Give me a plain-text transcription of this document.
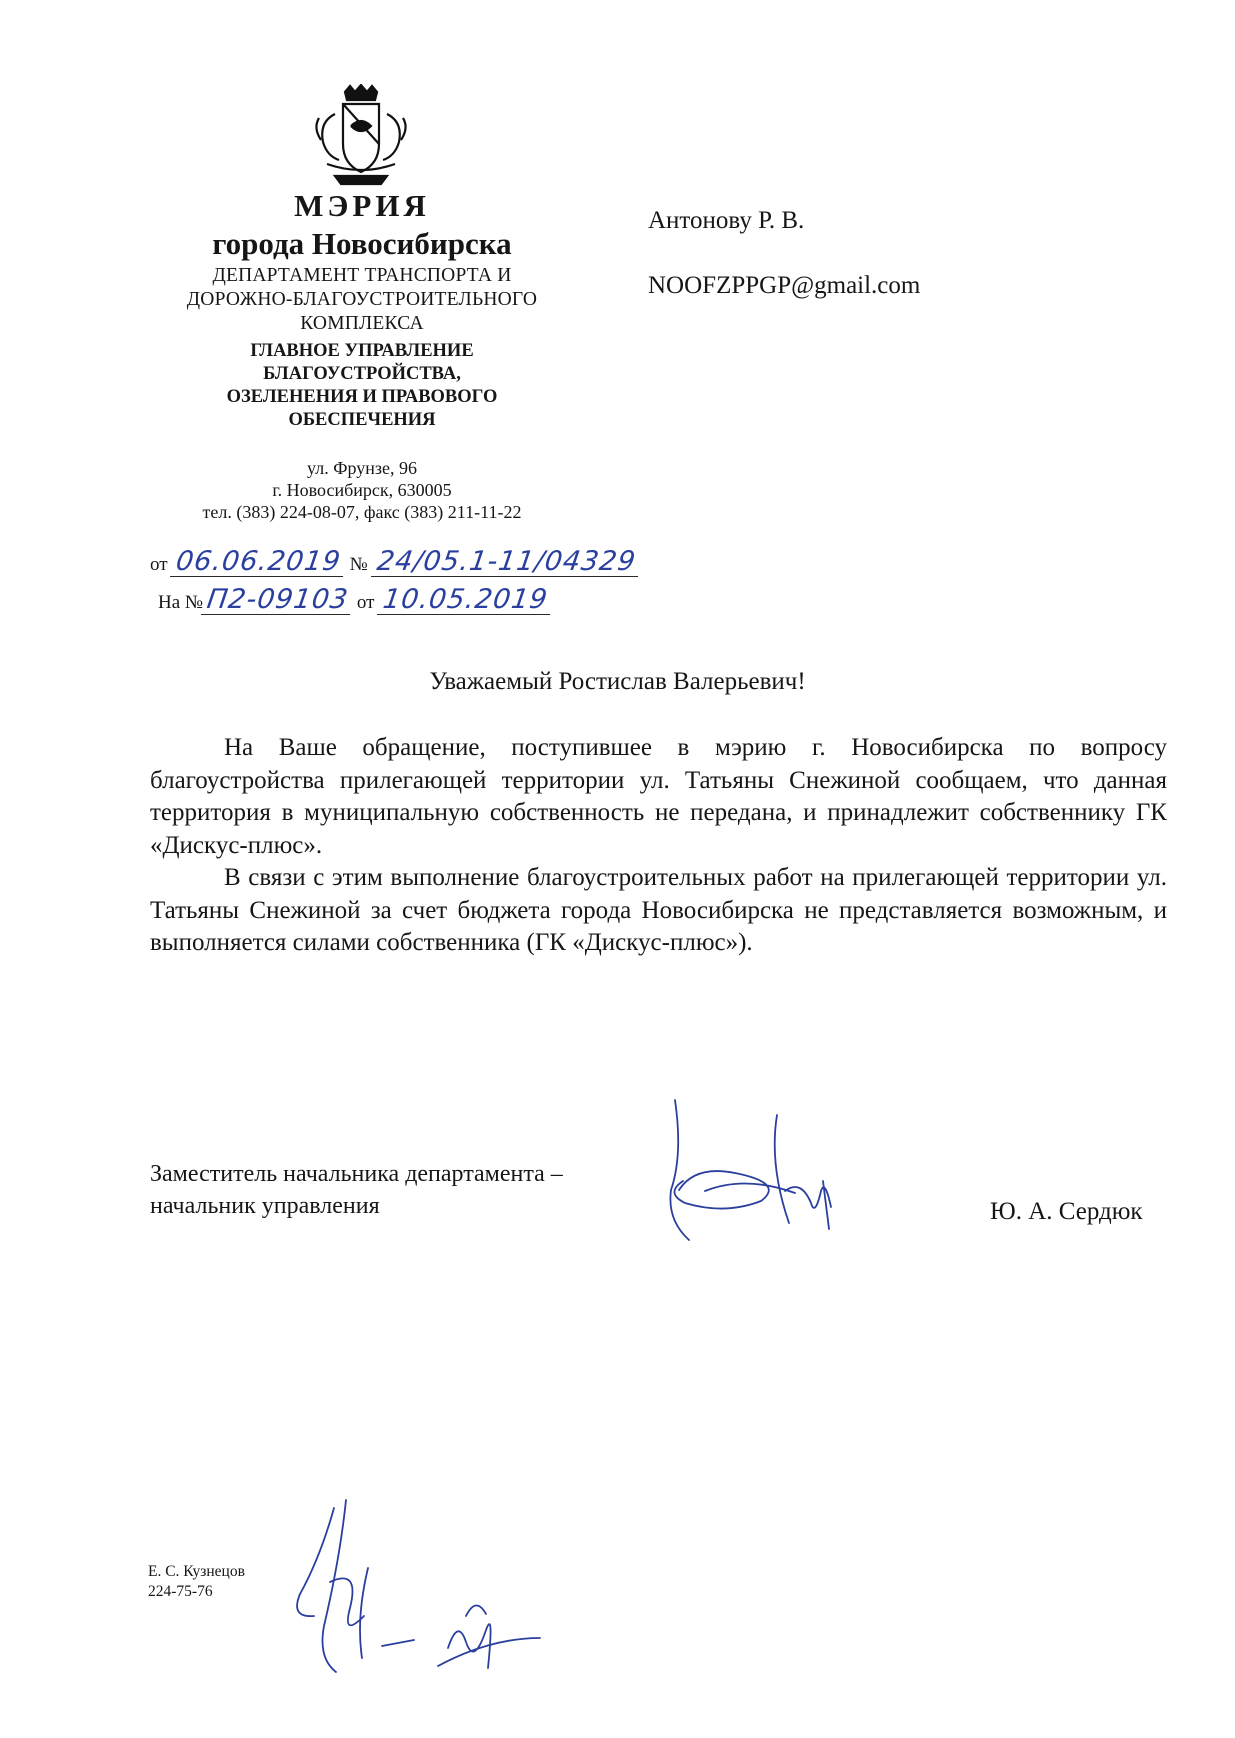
МЭРИЯ
города Новосибирска
ДЕПАРТАМЕНТ ТРАНСПОРТА И
ДОРОЖНО-БЛАГОУСТРОИТЕЛЬНОГО
КОМПЛЕКСА
ГЛАВНОЕ УПРАВЛЕНИЕ
БЛАГОУСТРОЙСТВА,
ОЗЕЛЕНЕНИЯ И ПРАВОВОГО
ОБЕСПЕЧЕНИЯ
ул. Фрунзе, 96
г. Новосибирск, 630005
тел. (383) 224-08-07, факс (383) 211-11-22
от 06.06.2019 № 24/05.1-11/04329
На №П2-09103 от 10.05.2019
Антонову Р. В.
NOOFZPPGP@gmail.com
Уважаемый Ростислав Валерьевич!
На Ваше обращение, поступившее в мэрию г. Новосибирска по вопросу благоустройства прилегающей территории ул. Татьяны Снежиной сообщаем, что данная территория в муниципальную собственность не передана, и принадлежит собственнику ГК «Дискус-плюс».
В связи с этим выполнение благоустроительных работ на прилегающей территории ул. Татьяны Снежиной за счет бюджета города Новосибирска не представляется возможным, и выполняется силами собственника (ГК «Дискус-плюс»).
Заместитель начальника департамента –
начальник управления	Ю. А. Сердюк
Е. С. Кузнецов
224-75-76
